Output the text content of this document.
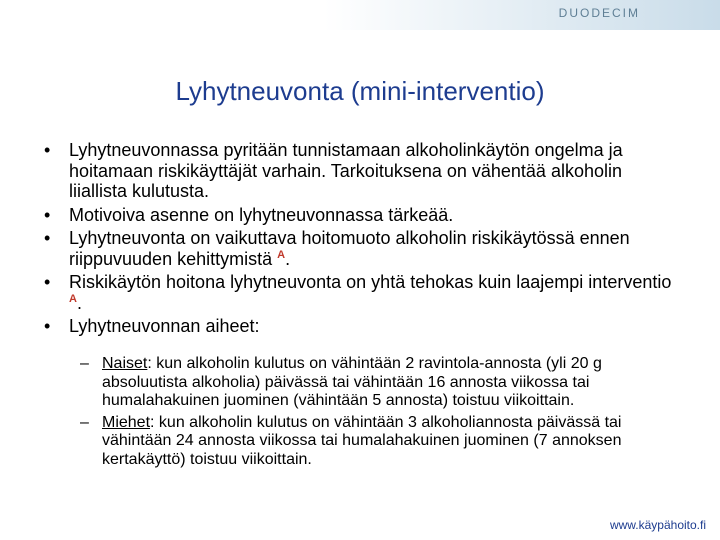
DUODECIM
Lyhytneuvonta (mini-interventio)
• Lyhytneuvonnassa pyritään tunnistamaan alkoholinkäytön ongelma ja hoitamaan riskikäyttäjät varhain. Tarkoituksena on vähentää alkoholin liiallista kulutusta.
• Motivoiva asenne on lyhytneuvonnassa tärkeää.
• Lyhytneuvonta on vaikuttava hoitomuoto alkoholin riskikäytössä ennen riippuvuuden kehittymistä $^A$.
• Riskikäytön hoitona lyhytneuvonta on yhtä tehokas kuin laajempi interventio $^A$.
• Lyhytneuvonnan aiheet:
– Naiset: kun alkoholin kulutus on vähintään 2 ravintola-annosta (yli 20 g absoluutista alkoholia) päivässä tai vähintään 16 annosta viikossa tai humalahakuinen juominen (vähintään 5 annosta) toistuu viikoittain.
– Miehet: kun alkoholin kulutus on vähintään 3 alkoholiannosta päivässä tai vähintään 24 annosta viikossa tai humalahakuinen juominen (7 annoksen kertakäyttö) toistuu viikoittain.
www.käypähoito.fi
